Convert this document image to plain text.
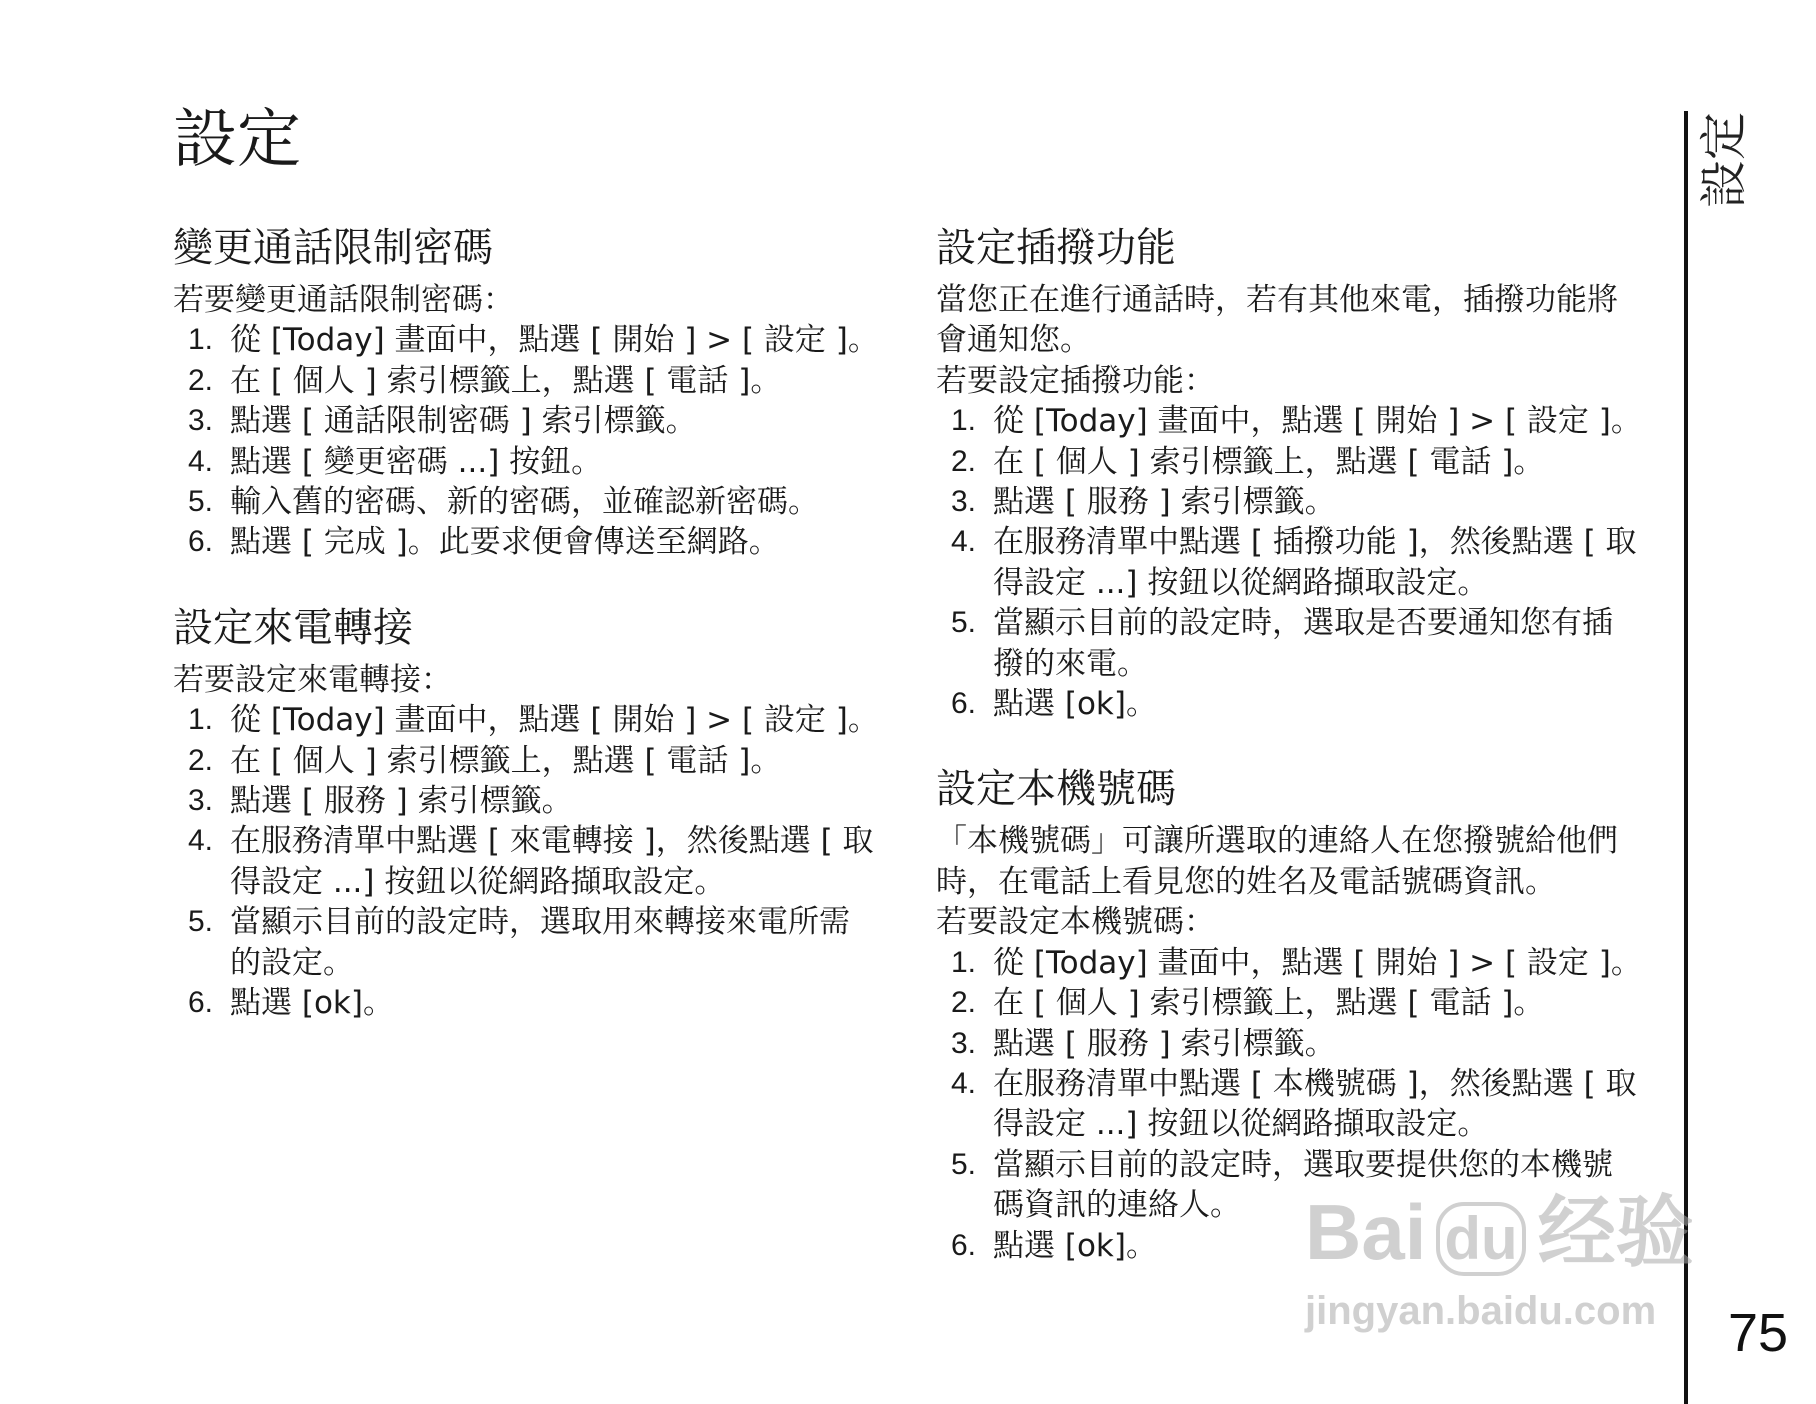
設定	設定
75
變更通話限制密碼
若要變更通話限制密碼：
1. 從 [Today] 畫面中，點選 [ 開始 ] > [ 設定 ]。
2. 在 [ 個人 ] 索引標籤上，點選 [ 電話 ]。
3. 點選 [ 通話限制密碼 ] 索引標籤。
4. 點選 [ 變更密碼 ...] 按鈕。
5. 輸入舊的密碼、新的密碼，並確認新密碼。
6. 點選 [ 完成 ]。此要求便會傳送至網路。
設定來電轉接
若要設定來電轉接：
1. 從 [Today] 畫面中，點選 [ 開始 ] > [ 設定 ]。
2. 在 [ 個人 ] 索引標籤上，點選 [ 電話 ]。
3. 點選 [ 服務 ] 索引標籤。
4. 在服務清單中點選 [ 來電轉接 ]，然後點選 [ 取
得設定 ...] 按鈕以從網路擷取設定。
5. 當顯示目前的設定時，選取用來轉接來電所需
的設定。
6. 點選 [ok]。
設定插撥功能
當您正在進行通話時，若有其他來電，插撥功能將
會通知您。
若要設定插撥功能：
1. 從 [Today] 畫面中，點選 [ 開始 ] > [ 設定 ]。
2. 在 [ 個人 ] 索引標籤上，點選 [ 電話 ]。
3. 點選 [ 服務 ] 索引標籤。
4. 在服務清單中點選 [ 插撥功能 ]，然後點選 [ 取
得設定 ...] 按鈕以從網路擷取設定。
5. 當顯示目前的設定時，選取是否要通知您有插
撥的來電。
6. 點選 [ok]。
設定本機號碼
「本機號碼」可讓所選取的連絡人在您撥號給他們
時，在電話上看見您的姓名及電話號碼資訊。
若要設定本機號碼：
1. 從 [Today] 畫面中，點選 [ 開始 ] > [ 設定 ]。
2. 在 [ 個人 ] 索引標籤上，點選 [ 電話 ]。
3. 點選 [ 服務 ] 索引標籤。
4. 在服務清單中點選 [ 本機號碼 ]，然後點選 [ 取
得設定 ...] 按鈕以從網路擷取設定。
5. 當顯示目前的設定時，選取要提供您的本機號
碼資訊的連絡人。
6. 點選 [ok]。	Bai du 经验
jingyan.baidu.com
